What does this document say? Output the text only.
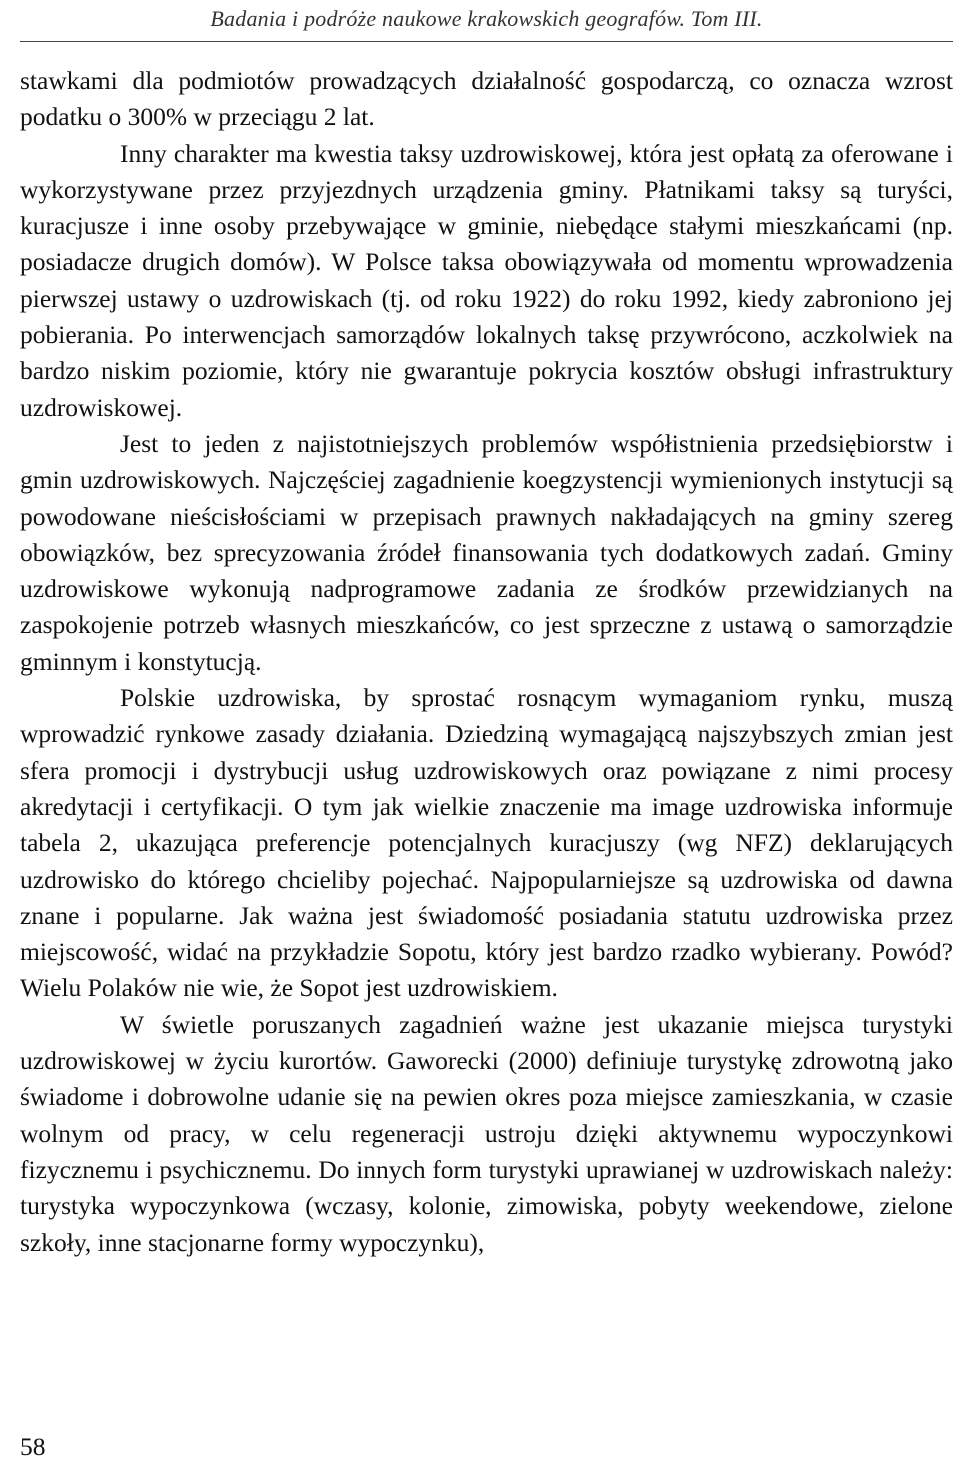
Badania i podróże naukowe krakowskich geografów. Tom III.

stawkami dla podmiotów prowadzących działalność gospodarczą, co oznacza wzrost podatku o 300% w przeciągu 2 lat.

Inny charakter ma kwestia taksy uzdrowiskowej, która jest opłatą za oferowane i wykorzystywane przez przyjezdnych urządzenia gminy. Płatnikami taksy są turyści, kuracjusze i inne osoby przebywające w gminie, niebędące stałymi mieszkańcami (np. posiadacze drugich domów). W Polsce taksa obowiązywała od momentu wprowadzenia pierwszej ustawy o uzdrowiskach (tj. od roku 1922) do roku 1992, kiedy zabroniono jej pobierania. Po interwencjach samorządów lokalnych taksę przywrócono, aczkolwiek na bardzo niskim poziomie, który nie gwarantuje pokrycia kosztów obsługi infrastruktury uzdrowiskowej.

Jest to jeden z najistotniejszych problemów współistnienia przedsiębiorstw i gmin uzdrowiskowych. Najczęściej zagadnienie koegzystencji wymienionych instytucji są powodowane nieścisłościami w przepisach prawnych nakładających na gminy szereg obowiązków, bez sprecyzowania źródeł finansowania tych dodatkowych zadań. Gminy uzdrowiskowe wykonują nadprogramowe zadania ze środków przewidzianych na zaspokojenie potrzeb własnych mieszkańców, co jest sprzeczne z ustawą o samorządzie gminnym i konstytucją.

Polskie uzdrowiska, by sprostać rosnącym wymaganiom rynku, muszą wprowadzić rynkowe zasady działania. Dziedziną wymagającą najszybszych zmian jest sfera promocji i dystrybucji usług uzdrowiskowych oraz powiązane z nimi procesy akredytacji i certyfikacji. O tym jak wielkie znaczenie ma image uzdrowiska informuje tabela 2, ukazująca preferencje potencjalnych kuracjuszy (wg NFZ) deklarujących uzdrowisko do którego chcieliby pojechać. Najpopularniejsze są uzdrowiska od dawna znane i popularne. Jak ważna jest świadomość posiadania statutu uzdrowiska przez miejscowość, widać na przykładzie Sopotu, który jest bardzo rzadko wybierany. Powód? Wielu Polaków nie wie, że Sopot jest uzdrowiskiem.

W świetle poruszanych zagadnień ważne jest ukazanie miejsca turystyki uzdrowiskowej w życiu kurortów. Gaworecki (2000) definiuje turystykę zdrowotną jako świadome i dobrowolne udanie się na pewien okres poza miejsce zamieszkania, w czasie wolnym od pracy, w celu regeneracji ustroju dzięki aktywnemu wypoczynkowi fizycznemu i psychicznemu. Do innych form turystyki uprawianej w uzdrowiskach należy: turystyka wypoczynkowa (wczasy, kolonie, zimowiska, pobyty weekendowe, zielone szkoły, inne stacjonarne formy wypoczynku),

58
